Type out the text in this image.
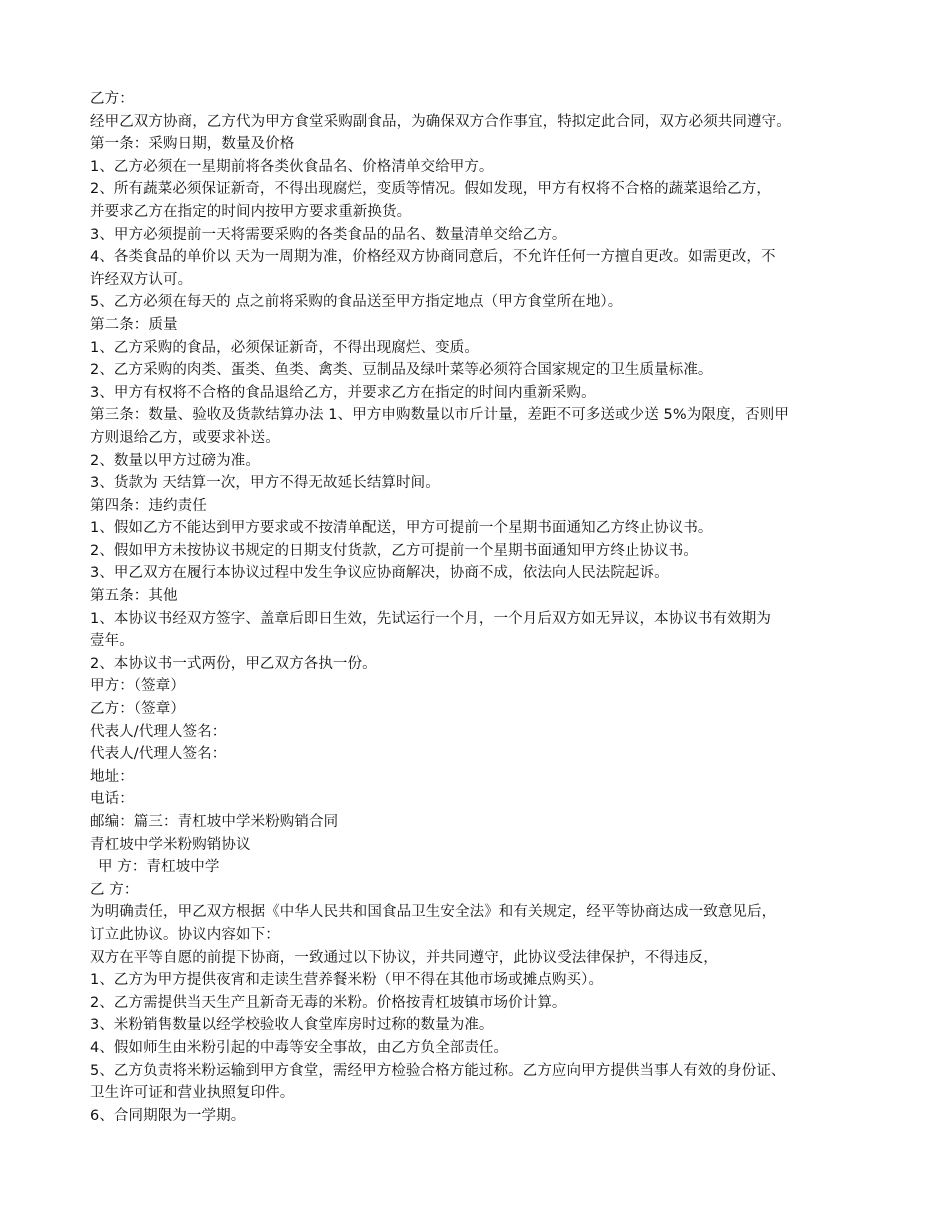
乙方：
经甲乙双方协商，乙方代为甲方食堂采购副食品，为确保双方合作事宜，特拟定此合同，双方必须共同遵守。
第一条：采购日期，数量及价格
1、乙方必须在一星期前将各类伙食品名、价格清单交给甲方。
2、所有蔬菜必须保证新奇，不得出现腐烂，变质等情况。假如发现，甲方有权将不合格的蔬菜退给乙方，
并要求乙方在指定的时间内按甲方要求重新换货。
3、甲方必须提前一天将需要采购的各类食品的品名、数量清单交给乙方。
4、各类食品的单价以 天为一周期为准，价格经双方协商同意后，不允许任何一方擅自更改。如需更改，不
许经双方认可。
5、乙方必须在每天的 点之前将采购的食品送至甲方指定地点（甲方食堂所在地）。
第二条：质量
1、乙方采购的食品，必须保证新奇，不得出现腐烂、变质。
2、乙方采购的肉类、蛋类、鱼类、禽类、豆制品及绿叶菜等必须符合国家规定的卫生质量标准。
3、甲方有权将不合格的食品退给乙方，并要求乙方在指定的时间内重新采购。
第三条：数量、验收及货款结算办法 1、甲方申购数量以市斤计量，差距不可多送或少送 5%为限度，否则甲
方则退给乙方，或要求补送。
2、数量以甲方过磅为准。
3、货款为 天结算一次，甲方不得无故延长结算时间。
第四条：违约责任
1、假如乙方不能达到甲方要求或不按清单配送，甲方可提前一个星期书面通知乙方终止协议书。
2、假如甲方未按协议书规定的日期支付货款，乙方可提前一个星期书面通知甲方终止协议书。
3、甲乙双方在履行本协议过程中发生争议应协商解决，协商不成，依法向人民法院起诉。
第五条：其他
1、本协议书经双方签字、盖章后即日生效，先试运行一个月，一个月后双方如无异议，本协议书有效期为
壹年。
2、本协议书一式两份，甲乙双方各执一份。
甲方：（签章）
乙方：（签章）
代表人/代理人签名：
代表人/代理人签名：
地址：
电话：
邮编：篇三：青杠坡中学米粉购销合同
青杠坡中学米粉购销协议
甲 方：青杠坡中学
乙 方：
为明确责任，甲乙双方根据《中华人民共和国食品卫生安全法》和有关规定，经平等协商达成一致意见后，
订立此协议。协议内容如下：
双方在平等自愿的前提下协商，一致通过以下协议，并共同遵守，此协议受法律保护，不得违反，
1、乙方为甲方提供夜宵和走读生营养餐米粉（甲不得在其他市场或摊点购买）。
2、乙方需提供当天生产且新奇无毒的米粉。价格按青杠坡镇市场价计算。
3、米粉销售数量以经学校验收人食堂库房时过称的数量为准。
4、假如师生由米粉引起的中毒等安全事故，由乙方负全部责任。
5、乙方负责将米粉运输到甲方食堂，需经甲方检验合格方能过称。乙方应向甲方提供当事人有效的身份证、
卫生许可证和营业执照复印件。
6、合同期限为一学期。
